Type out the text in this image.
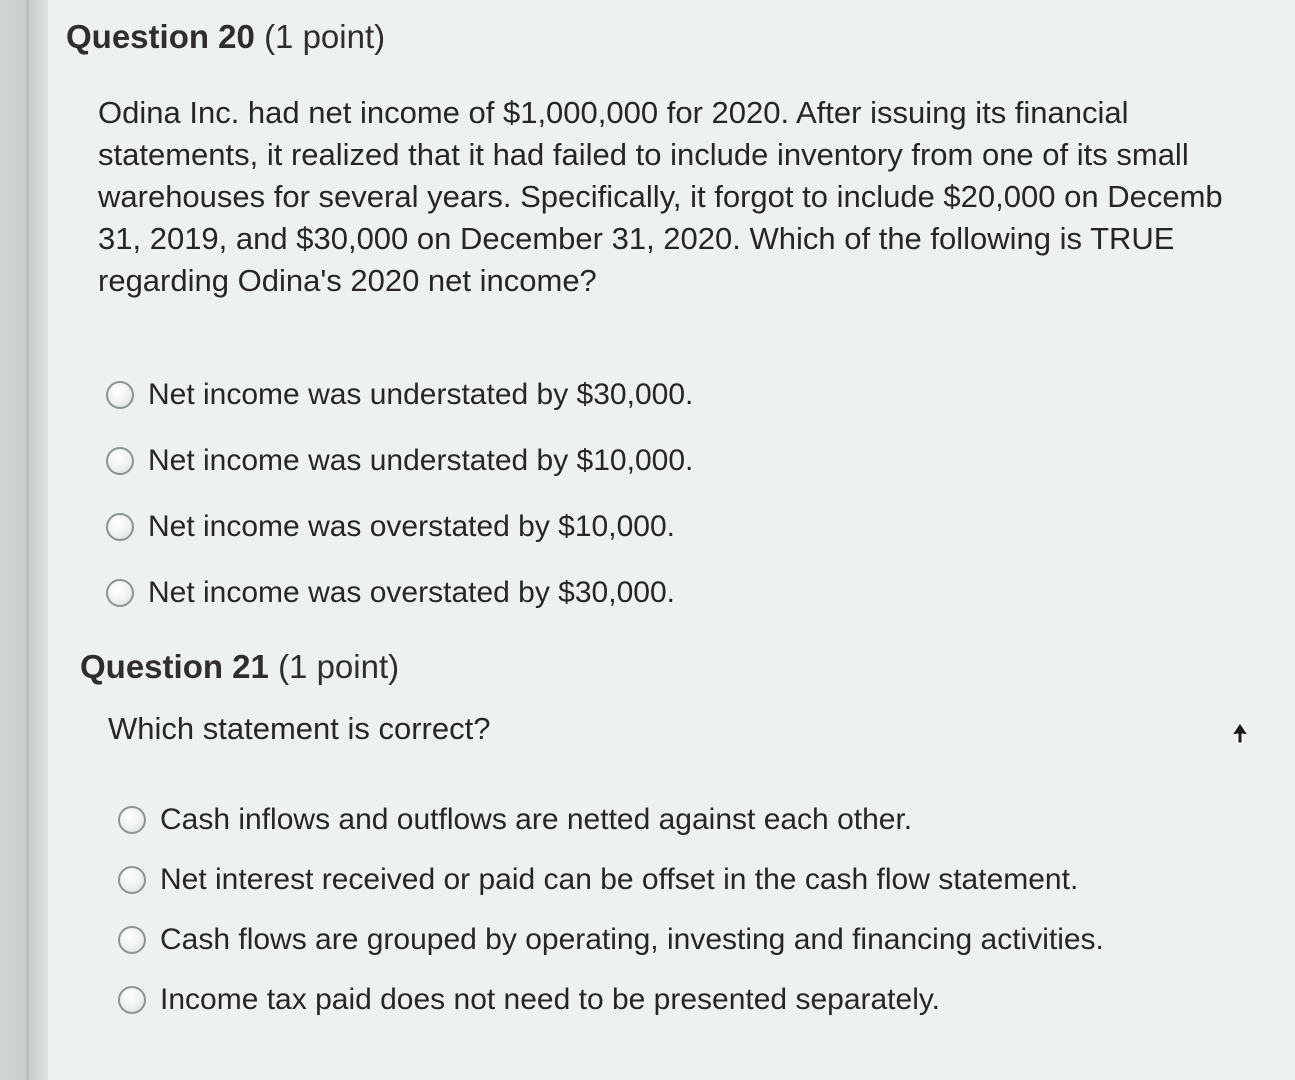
Question 20 (1 point)
Odina Inc. had net income of $1,000,000 for 2020. After issuing its financial
statements, it realized that it had failed to include inventory from one of its small
warehouses for several years. Specifically, it forgot to include $20,000 on Decemb
31, 2019, and $30,000 on December 31, 2020. Which of the following is TRUE
regarding Odina's 2020 net income?
Net income was understated by $30,000.
Net income was understated by $10,000.
Net income was overstated by $10,000.
Net income was overstated by $30,000.
Question 21 (1 point)
Which statement is correct?
Cash inflows and outflows are netted against each other.
Net interest received or paid can be offset in the cash flow statement.
Cash flows are grouped by operating, investing and financing activities.
Income tax paid does not need to be presented separately.
